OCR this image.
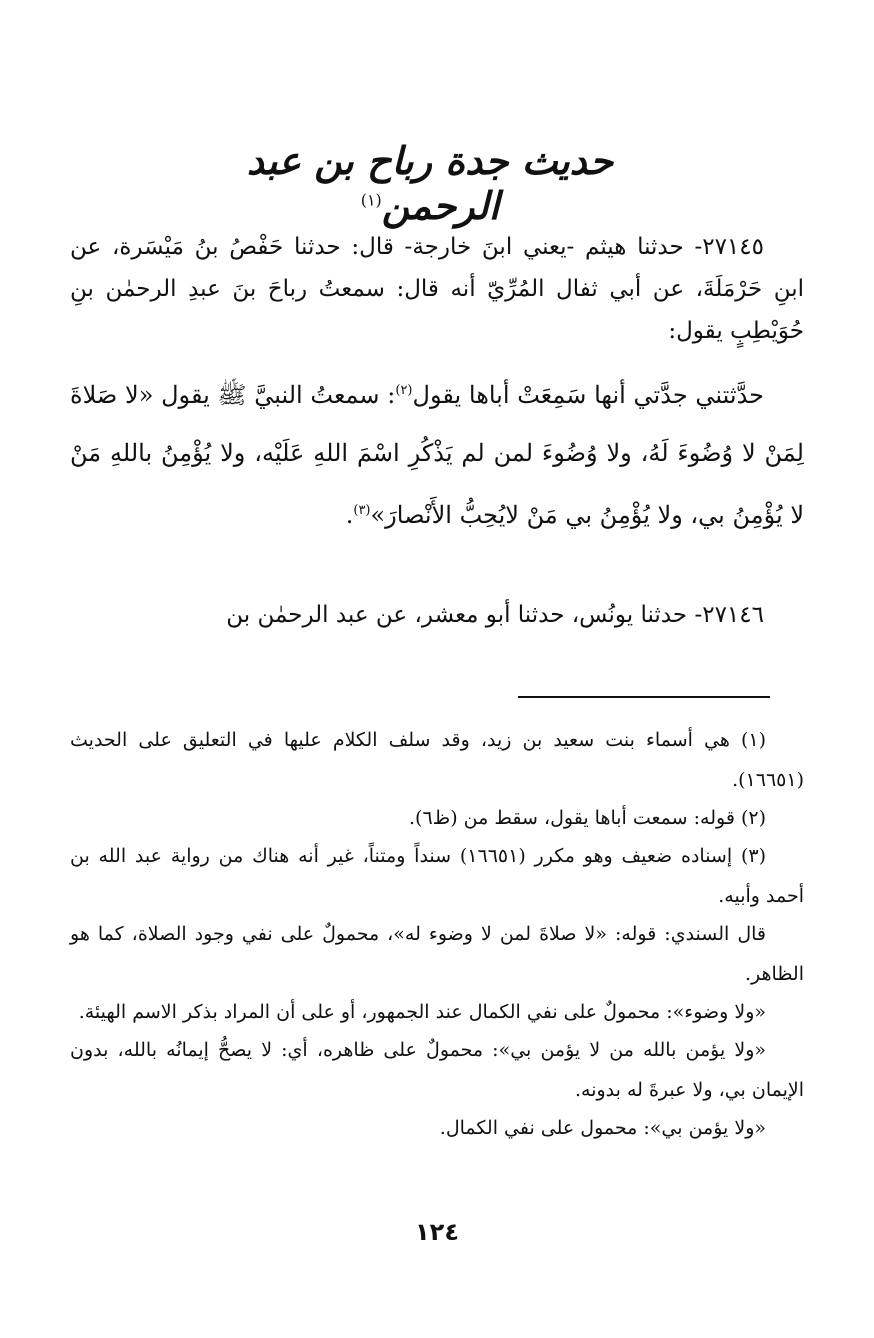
حديث جدة رباح بن عبد الرحمن$^{(١)}$
٢٧١٤٥- حدثنا هيثم -يعني ابنَ خارجة- قال: حدثنا حَفْصُ بنُ مَيْسَرة، عن ابنِ حَرْمَلَةَ، عن أبي ثفال المُرِّيّ أنه قال: سمعتُ رباحَ بنَ عبدِ الرحمٰن بنِ حُوَيْطِبٍ يقول:
حدَّثتني جدَّتي أنها سَمِعَتْ أباها يقول$^{(٢)}$: سمعتُ النبيَّ ﷺ يقول «لا صَلاةَ لِمَنْ لا وُضُوءَ لَهُ، ولا وُضُوءَ لمن لم يَذْكُرِ اسْمَ اللهِ عَلَيْه، ولا يُؤْمِنُ باللهِ مَنْ لا يُؤْمِنُ بي، ولا يُؤْمِنُ بي مَنْ لايُحِبُّ الأَنْصارَ»$^{(٣)}$.
٢٧١٤٦- حدثنا يونُس، حدثنا أبو معشر، عن عبد الرحمٰن بن

(١) هي أسماء بنت سعيد بن زيد، وقد سلف الكلام عليها في التعليق على الحديث (١٦٦٥١).

(٢) قوله: سمعت أباها يقول، سقط من (ظ٦).

(٣) إسناده ضعيف وهو مكرر (١٦٦٥١) سنداً ومتناً، غير أنه هناك من رواية عبد الله بن أحمد وأبيه.

قال السندي: قوله: «لا صلاةَ لمن لا وضوء له»، محمولٌ على نفي وجود الصلاة، كما هو الظاهر.

«ولا وضوء»: محمولٌ على نفي الكمال عند الجمهور، أو على أن المراد بذكر الاسم الهيئة.

«ولا يؤمن بالله من لا يؤمن بي»: محمولٌ على ظاهره، أي: لا يصحُّ إيمانُه بالله، بدون الإيمان بي، ولا عبرةَ له بدونه.

«ولا يؤمن بي»: محمول على نفي الكمال.

١٢٤
